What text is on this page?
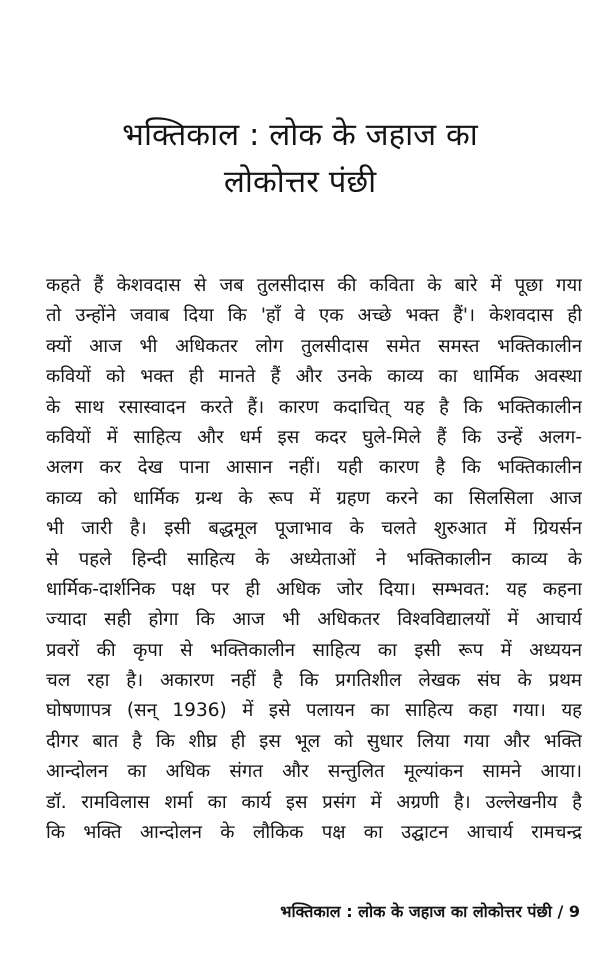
भक्तिकाल : लोक के जहाज का
लोकोत्तर पंछी
कहते हैं केशवदास से जब तुलसीदास की कविता के बारे में पूछा गया
तो उन्होंने जवाब दिया कि 'हाँ वे एक अच्छे भक्त हैं'। केशवदास ही
क्यों आज भी अधिकतर लोग तुलसीदास समेत समस्त भक्तिकालीन
कवियों को भक्त ही मानते हैं और उनके काव्य का धार्मिक अवस्था
के साथ रसास्वादन करते हैं। कारण कदाचित् यह है कि भक्तिकालीन
कवियों में साहित्य और धर्म इस कदर घुले-मिले हैं कि उन्हें अलग-
अलग कर देख पाना आसान नहीं। यही कारण है कि भक्तिकालीन
काव्य को धार्मिक ग्रन्थ के रूप में ग्रहण करने का सिलसिला आज
भी जारी है। इसी बद्धमूल पूजाभाव के चलते शुरुआत में ग्रियर्सन
से पहले हिन्दी साहित्य के अध्येताओं ने भक्तिकालीन काव्य के
धार्मिक-दार्शनिक पक्ष पर ही अधिक जोर दिया। सम्भवत: यह कहना
ज्यादा सही होगा कि आज भी अधिकतर विश्वविद्यालयों में आचार्य
प्रवरों की कृपा से भक्तिकालीन साहित्य का इसी रूप में अध्ययन
चल रहा है। अकारण नहीं है कि प्रगतिशील लेखक संघ के प्रथम
घोषणापत्र (सन् 1936) में इसे पलायन का साहित्य कहा गया। यह
दीगर बात है कि शीघ्र ही इस भूल को सुधार लिया गया और भक्ति
आन्दोलन का अधिक संगत और सन्तुलित मूल्यांकन सामने आया।
डॉ. रामविलास शर्मा का कार्य इस प्रसंग में अग्रणी है। उल्लेखनीय है
कि भक्ति आन्दोलन के लौकिक पक्ष का उद्घाटन आचार्य रामचन्द्र
भक्तिकाल : लोक के जहाज का लोकोत्तर पंछी / 9
